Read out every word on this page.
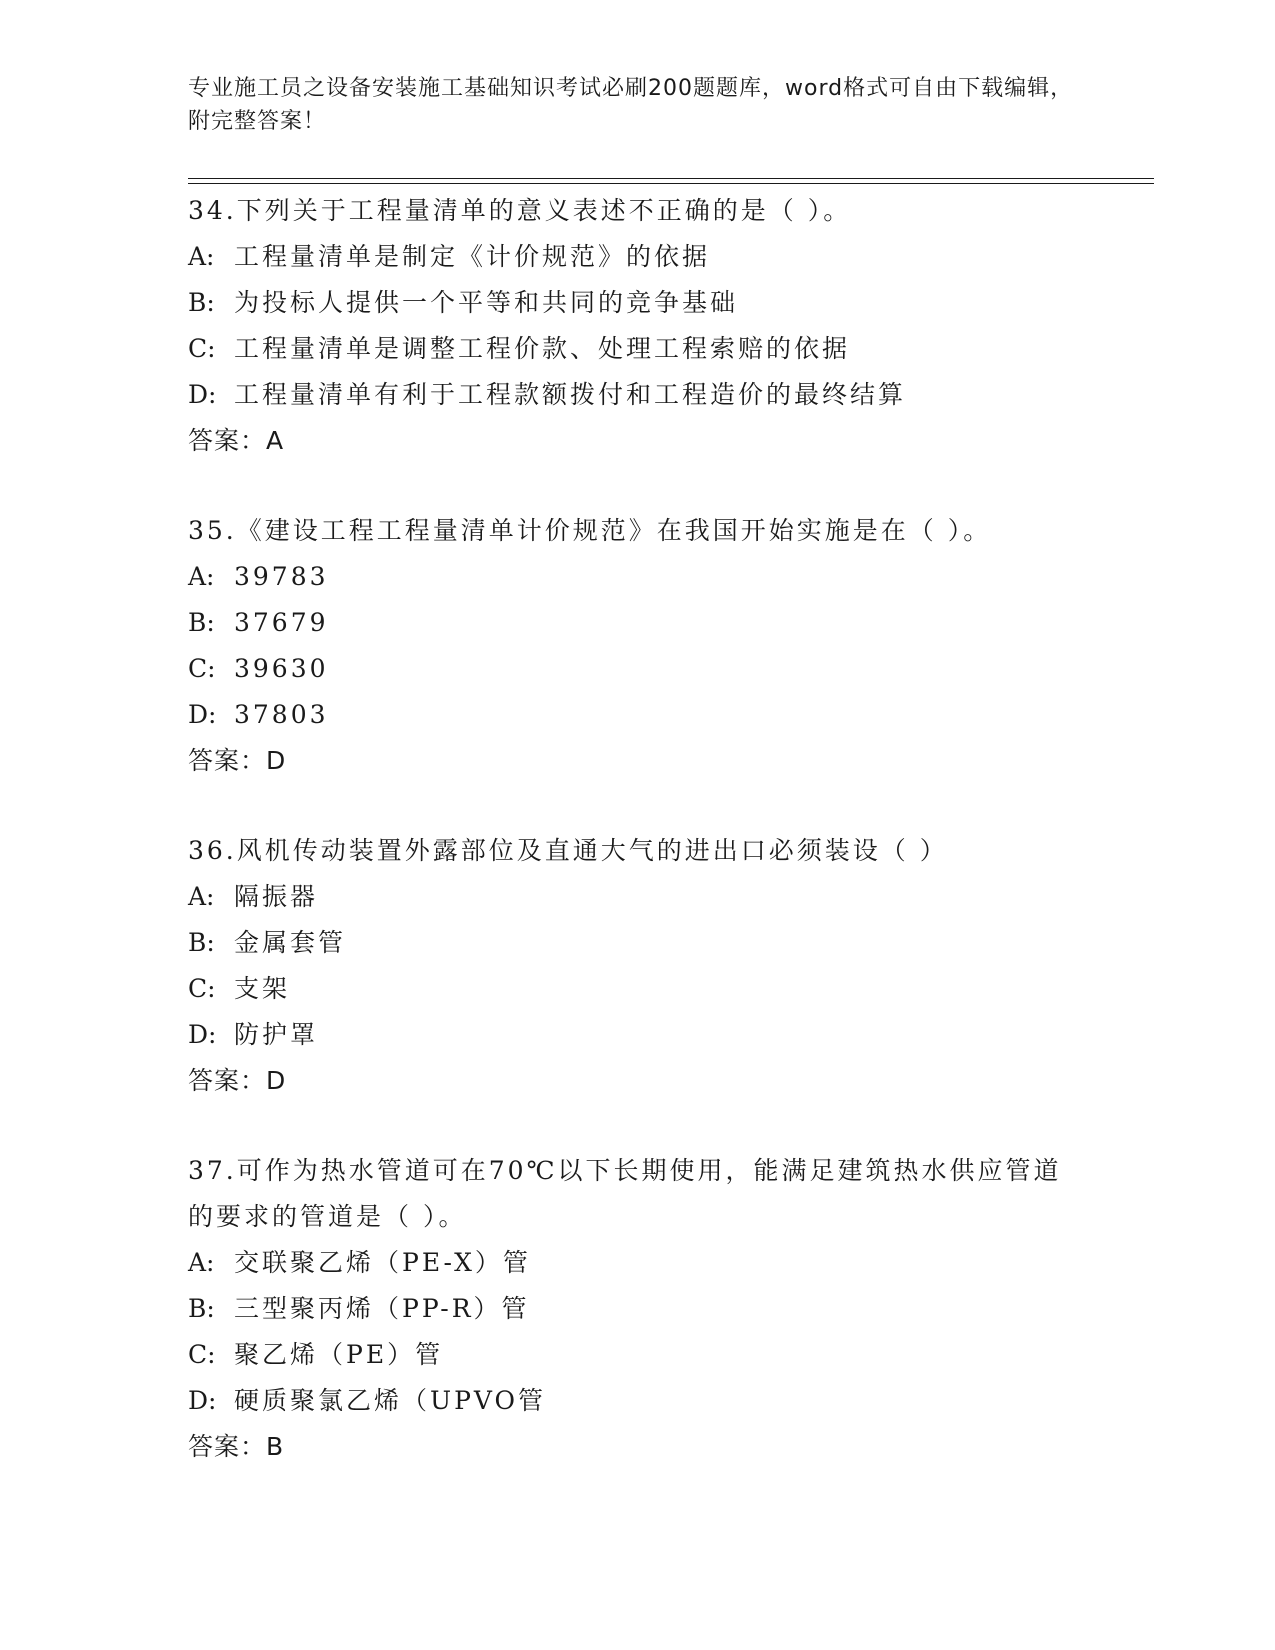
专业施工员之设备安装施工基础知识考试必刷200题题库，word格式可自由下载编辑，附完整答案！
34.下列关于工程量清单的意义表述不正确的是（ ）。
A: 工程量清单是制定《计价规范》的依据
B: 为投标人提供一个平等和共同的竞争基础
C: 工程量清单是调整工程价款、处理工程索赔的依据
D: 工程量清单有利于工程款额拨付和工程造价的最终结算
答案：A
35.《建设工程工程量清单计价规范》在我国开始实施是在（ ）。
A: 39783
B: 37679
C: 39630
D: 37803
答案：D
36.风机传动装置外露部位及直通大气的进出口必须装设（ ）
A: 隔振器
B: 金属套管
C: 支架
D: 防护罩
答案：D
37.可作为热水管道可在70℃以下长期使用，能满足建筑热水供应管道的要求的管道是（ ）。
A: 交联聚乙烯（PE-X）管
B: 三型聚丙烯（PP-R）管
C: 聚乙烯（PE）管
D: 硬质聚氯乙烯（UPVO管
答案：B
